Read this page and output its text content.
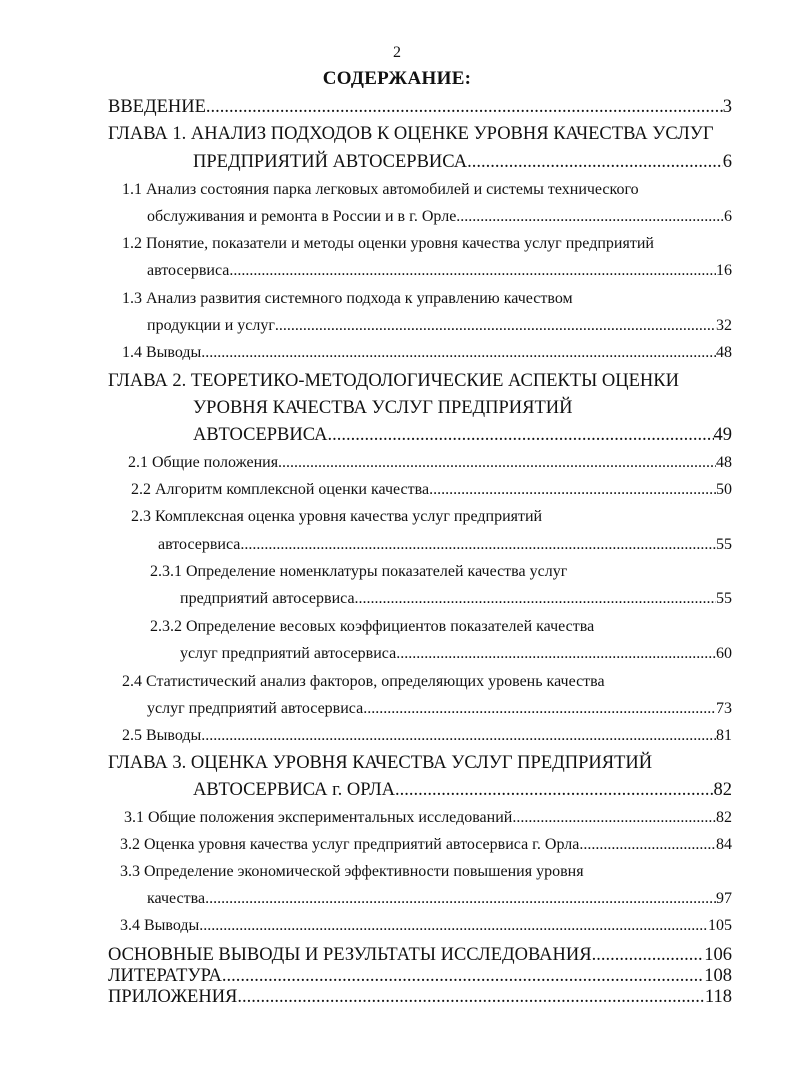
2
СОДЕРЖАНИЕ:
ВВЕДЕНИЕ .....	3
ГЛАВА 1. АНАЛИЗ ПОДХОДОВ К ОЦЕНКЕ УРОВНЯ КАЧЕСТВА УСЛУГ
ПРЕДПРИЯТИЙ АВТОСЕРВИСА .....	6
1.1 Анализ состояния парка легковых автомобилей и системы технического
обслуживания и ремонта в России и в г. Орле .....	6
1.2 Понятие, показатели и методы оценки уровня качества услуг предприятий
автосервиса .....	16
1.3 Анализ развития системного подхода к управлению качеством
продукции и услуг .....	32
1.4 Выводы .....	48
ГЛАВА 2. ТЕОРЕТИКО-МЕТОДОЛОГИЧЕСКИЕ АСПЕКТЫ ОЦЕНКИ
УРОВНЯ КАЧЕСТВА УСЛУГ ПРЕДПРИЯТИЙ
АВТОСЕРВИСА .....	49
2.1 Общие положения .....	48
2.2 Алгоритм комплексной оценки качества .....	50
2.3 Комплексная оценка уровня качества услуг предприятий
автосервиса .....	55
2.3.1 Определение номенклатуры показателей качества услуг
предприятий автосервиса .....	55
2.3.2 Определение весовых коэффициентов показателей качества
услуг предприятий автосервиса .....	60
2.4 Статистический анализ факторов, определяющих уровень качества
услуг предприятий автосервиса .....	73
2.5 Выводы .....	81
ГЛАВА 3. ОЦЕНКА УРОВНЯ КАЧЕСТВА УСЛУГ ПРЕДПРИЯТИЙ
АВТОСЕРВИСА г. ОРЛА .....	82
3.1 Общие положения экспериментальных исследований .....	82
3.2 Оценка уровня качества услуг предприятий автосервиса г. Орла .....	84
3.3 Определение экономической эффективности повышения уровня
качества .....	97
3.4 Выводы .....	105
ОСНОВНЫЕ ВЫВОДЫ И РЕЗУЛЬТАТЫ ИССЛЕДОВАНИЯ .....	106
ЛИТЕРАТУРА .....	108
ПРИЛОЖЕНИЯ .....	118
